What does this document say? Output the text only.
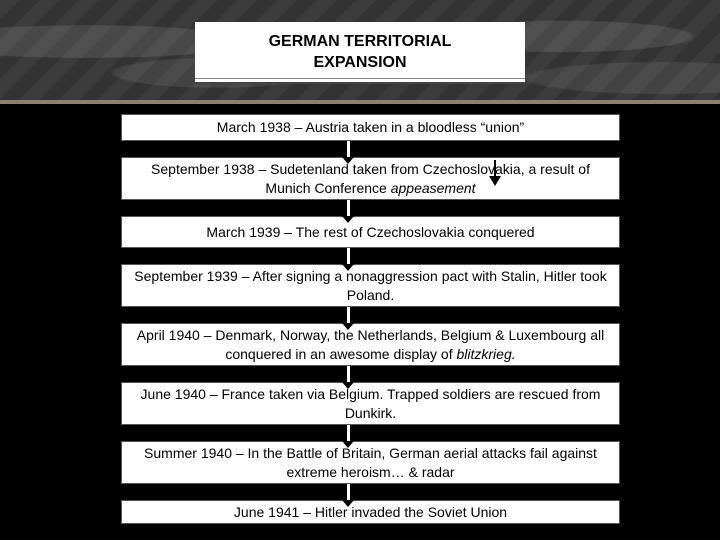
GERMAN TERRITORIAL
EXPANSION
March 1938 – Austria taken in a bloodless “union”
September 1938 – Sudetenland taken from Czechoslovakia, a result of Munich Conference appeasement
March 1939 – The rest of Czechoslovakia conquered
September 1939 – After signing a nonaggression pact with Stalin, Hitler took Poland.
April 1940 – Denmark, Norway, the Netherlands, Belgium & Luxembourg all conquered in an awesome display of blitzkrieg.
June 1940 – France taken via Belgium. Trapped soldiers are rescued from Dunkirk.
Summer 1940 – In the Battle of Britain, German aerial attacks fail against extreme heroism… & radar
June 1941 – Hitler invaded the Soviet Union
